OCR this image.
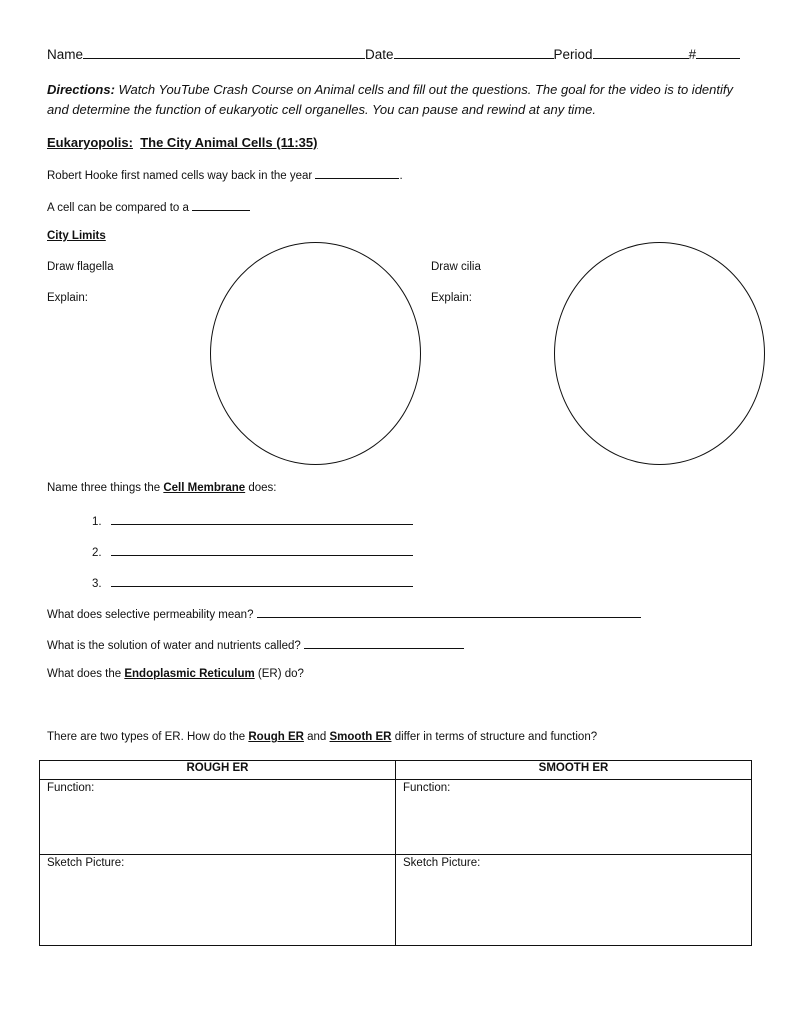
Name	Date	Period	#
Directions: Watch YouTube Crash Course on Animal cells and fill out the questions. The goal for the video is to identify and determine the function of eukaryotic cell organelles. You can pause and rewind at any time.
Eukaryopolis: The City Animal Cells (11:35)
Robert Hooke first named cells way back in the year	.
A cell can be compared to a
City Limits
Draw flagella
Explain:
Draw cilia
Explain:
Name three things the Cell Membrane does:
1.
2.
3.
What does selective permeability mean?
What is the solution of water and nutrients called?
What does the Endoplasmic Reticulum (ER) do?
There are two types of ER. How do the Rough ER and Smooth ER differ in terms of structure and function?
ROUGH ER	SMOOTH ER
Function:	Function:
Sketch Picture:	Sketch Picture:
